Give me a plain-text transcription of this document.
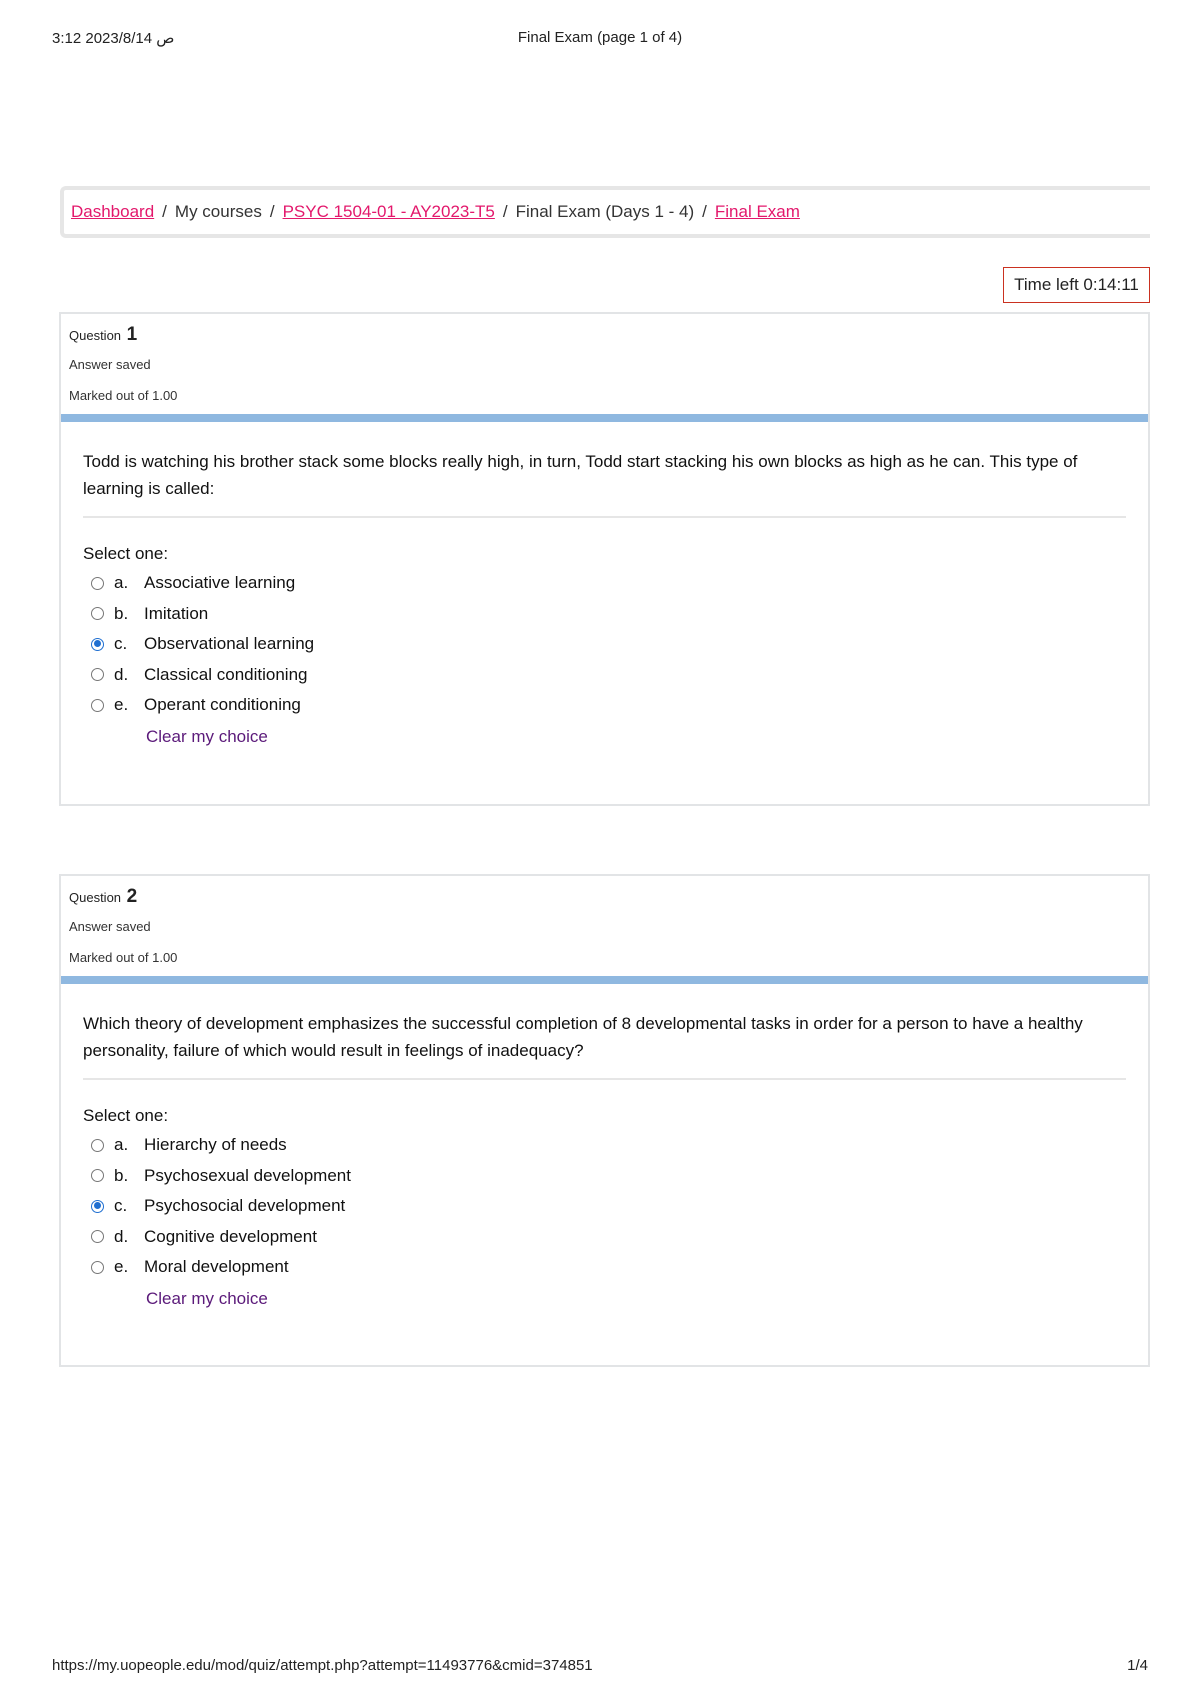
3:12 2023/8/14 ص	Final Exam (page 1 of 4)
Dashboard / My courses / PSYC 1504-01 - AY2023-T5 / Final Exam (Days 1 - 4) / Final Exam
Time left 0:14:11
Question 1
Answer saved
Marked out of 1.00
Todd is watching his brother stack some blocks really high, in turn, Todd start stacking his own blocks as high as he can. This type of learning is called:
Select one:
a. Associative learning
b. Imitation
c. Observational learning
d. Classical conditioning
e. Operant conditioning
Clear my choice
Question 2
Answer saved
Marked out of 1.00
Which theory of development emphasizes the successful completion of 8 developmental tasks in order for a person to have a healthy personality, failure of which would result in feelings of inadequacy?
Select one:
a. Hierarchy of needs
b. Psychosexual development
c. Psychosocial development
d. Cognitive development
e. Moral development
Clear my choice
https://my.uopeople.edu/mod/quiz/attempt.php?attempt=11493776&cmid=374851	1/4
